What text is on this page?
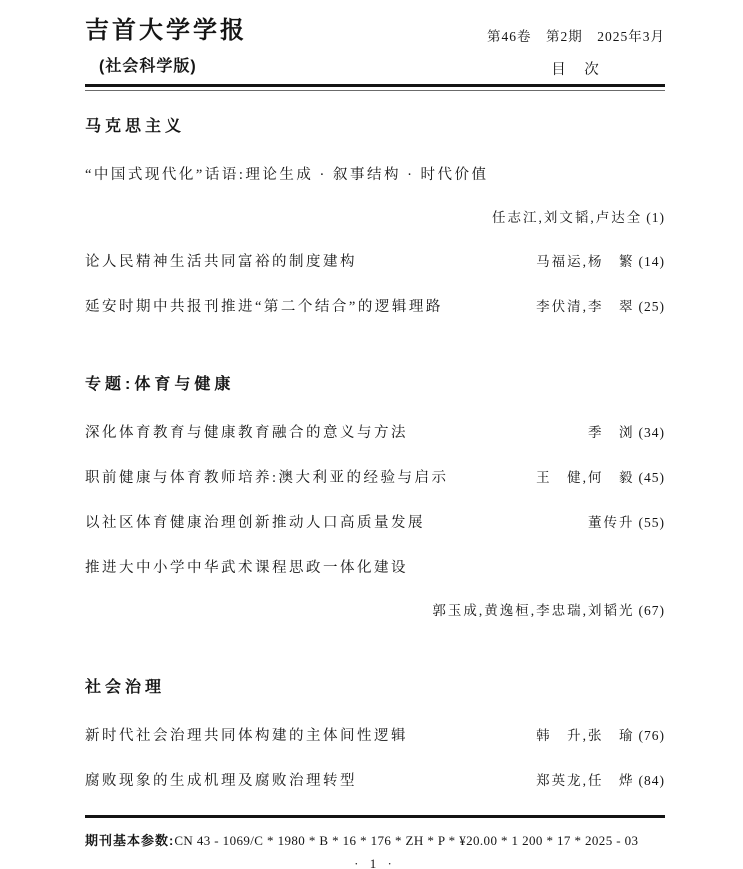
吉首大学学报
(社会科学版)
第46卷　第2期　2025年3月
目　次
马克思主义
“中国式现代化”话语:理论生成 · 叙事结构 · 时代价值
任志江,刘文韬,卢达全 (1)
论人民精神生活共同富裕的制度建构	马福运,杨　繁 (14)
延安时期中共报刊推进“第二个结合”的逻辑理路	李伏清,李　翠 (25)
专题:体育与健康
深化体育教育与健康教育融合的意义与方法	季　浏 (34)
职前健康与体育教师培养:澳大利亚的经验与启示	王　健,何　毅 (45)
以社区体育健康治理创新推动人口高质量发展	董传升 (55)
推进大中小学中华武术课程思政一体化建设
郭玉成,黄逸桓,李忠瑞,刘韬光 (67)
社会治理
新时代社会治理共同体构建的主体间性逻辑	韩　升,张　瑜 (76)
腐败现象的生成机理及腐败治理转型	郑英龙,任　烨 (84)
期刊基本参数:CN 43 - 1069/C * 1980 * B * 16 * 176 * ZH * P * ¥20.00 * 1 200 * 17 * 2025 - 03
· 1 ·
